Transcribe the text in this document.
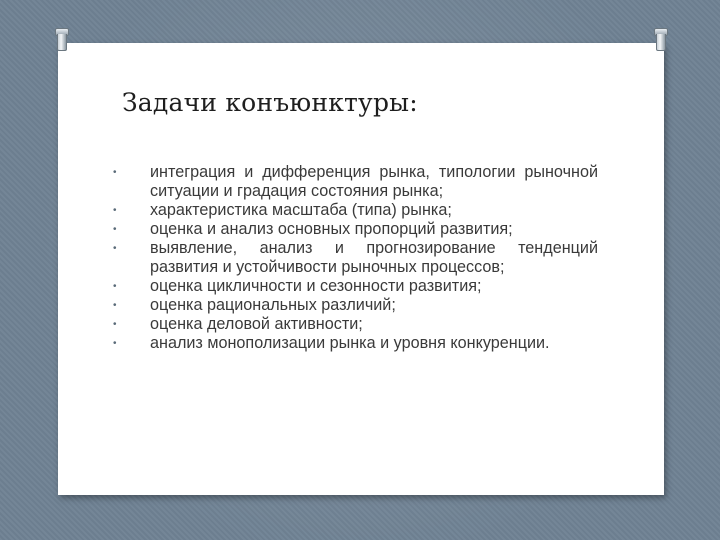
Задачи конъюнктуры:
•	интеграция и дифференция рынка, типологии рыночной ситуации и градация состояния рынка;
•	характеристика масштаба (типа) рынка;
•	оценка и анализ основных пропорций развития;
•	выявление, анализ и прогнозирование тенденций развития и устойчивости рыночных процессов;
•	оценка цикличности и сезонности развития;
•	оценка рациональных различий;
•	оценка деловой активности;
•	анализ монополизации рынка и уровня конкуренции.
